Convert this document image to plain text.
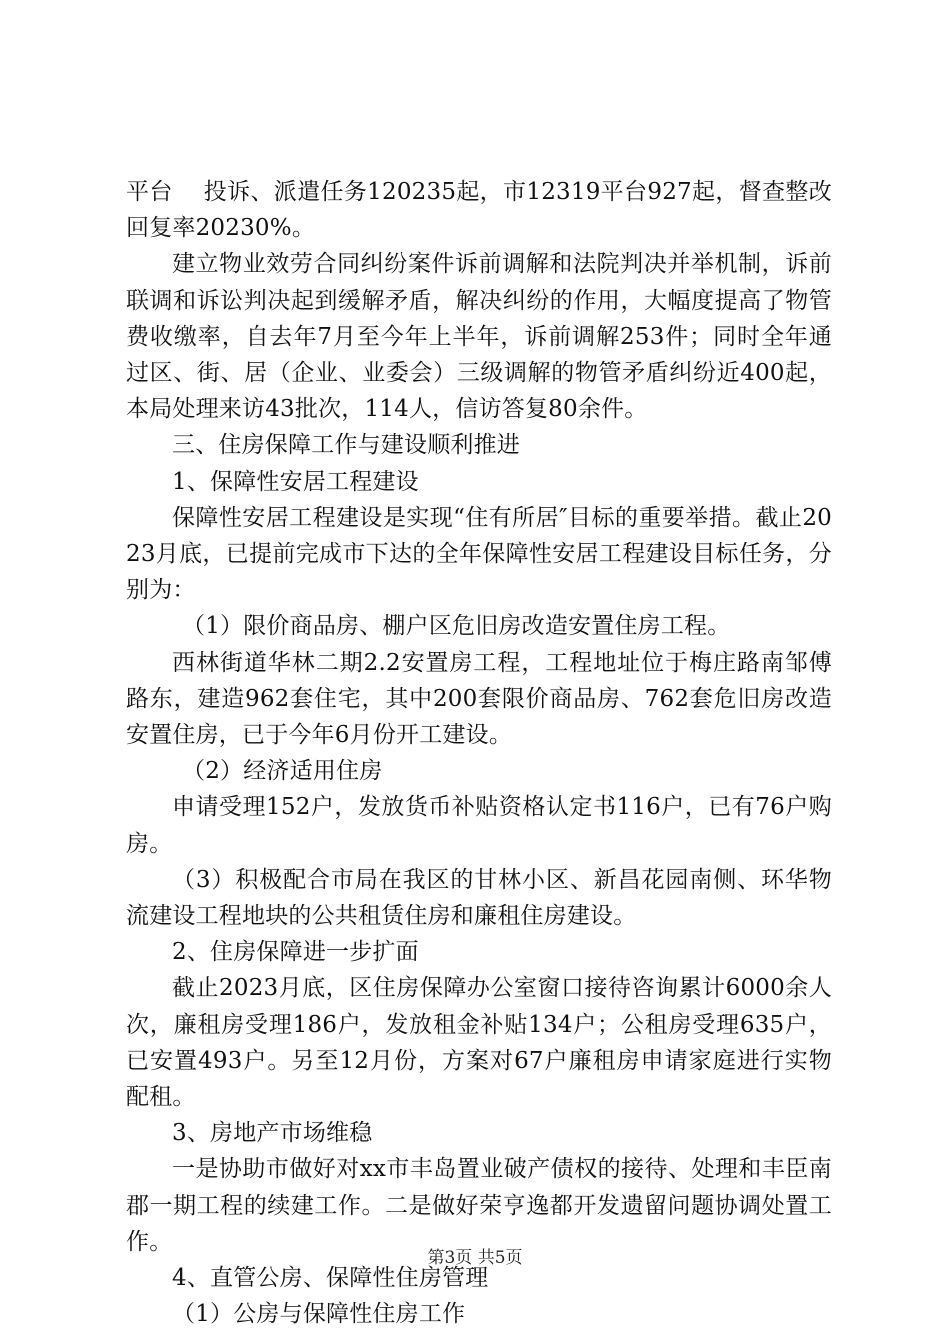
平台　 投诉、派遣任务120235起，市12319平台927起，督查整改回复率20230%。

建立物业效劳合同纠纷案件诉前调解和法院判决并举机制，诉前联调和诉讼判决起到缓解矛盾，解决纠纷的作用，大幅度提高了物管费收缴率，自去年7月至今年上半年，诉前调解253件；同时全年通过区、街、居（企业、业委会）三级调解的物管矛盾纠纷近400起，本局处理来访43批次，114人，信访答复80余件。

三、住房保障工作与建设顺利推进

1、保障性安居工程建设

保障性安居工程建设是实现“住有所居″目标的重要举措。截止2023月底，已提前完成市下达的全年保障性安居工程建设目标任务，分别为：

（1）限价商品房、棚户区危旧房改造安置住房工程。

西林街道华林二期2.2安置房工程，工程地址位于梅庄路南邹傅路东，建造962套住宅，其中200套限价商品房、762套危旧房改造安置住房，已于今年6月份开工建设。

（2）经济适用住房

申请受理152户，发放货币补贴资格认定书116户，已有76户购房。

（3）积极配合市局在我区的甘林小区、新昌花园南侧、环华物流建设工程地块的公共租赁住房和廉租住房建设。

2、住房保障进一步扩面

截止2023月底，区住房保障办公室窗口接待咨询累计6000余人次，廉租房受理186户，发放租金补贴134户；公租房受理635户，已安置493户。另至12月份，方案对67户廉租房申请家庭进行实物配租。

3、房地产市场维稳

一是协助市做好对xx市丰岛置业破产债权的接待、处理和丰臣南郡一期工程的续建工作。二是做好荣亨逸都开发遗留问题协调处置工作。

4、直管公房、保障性住房管理

（1）公房与保障性住房工作

第3页 共5页
